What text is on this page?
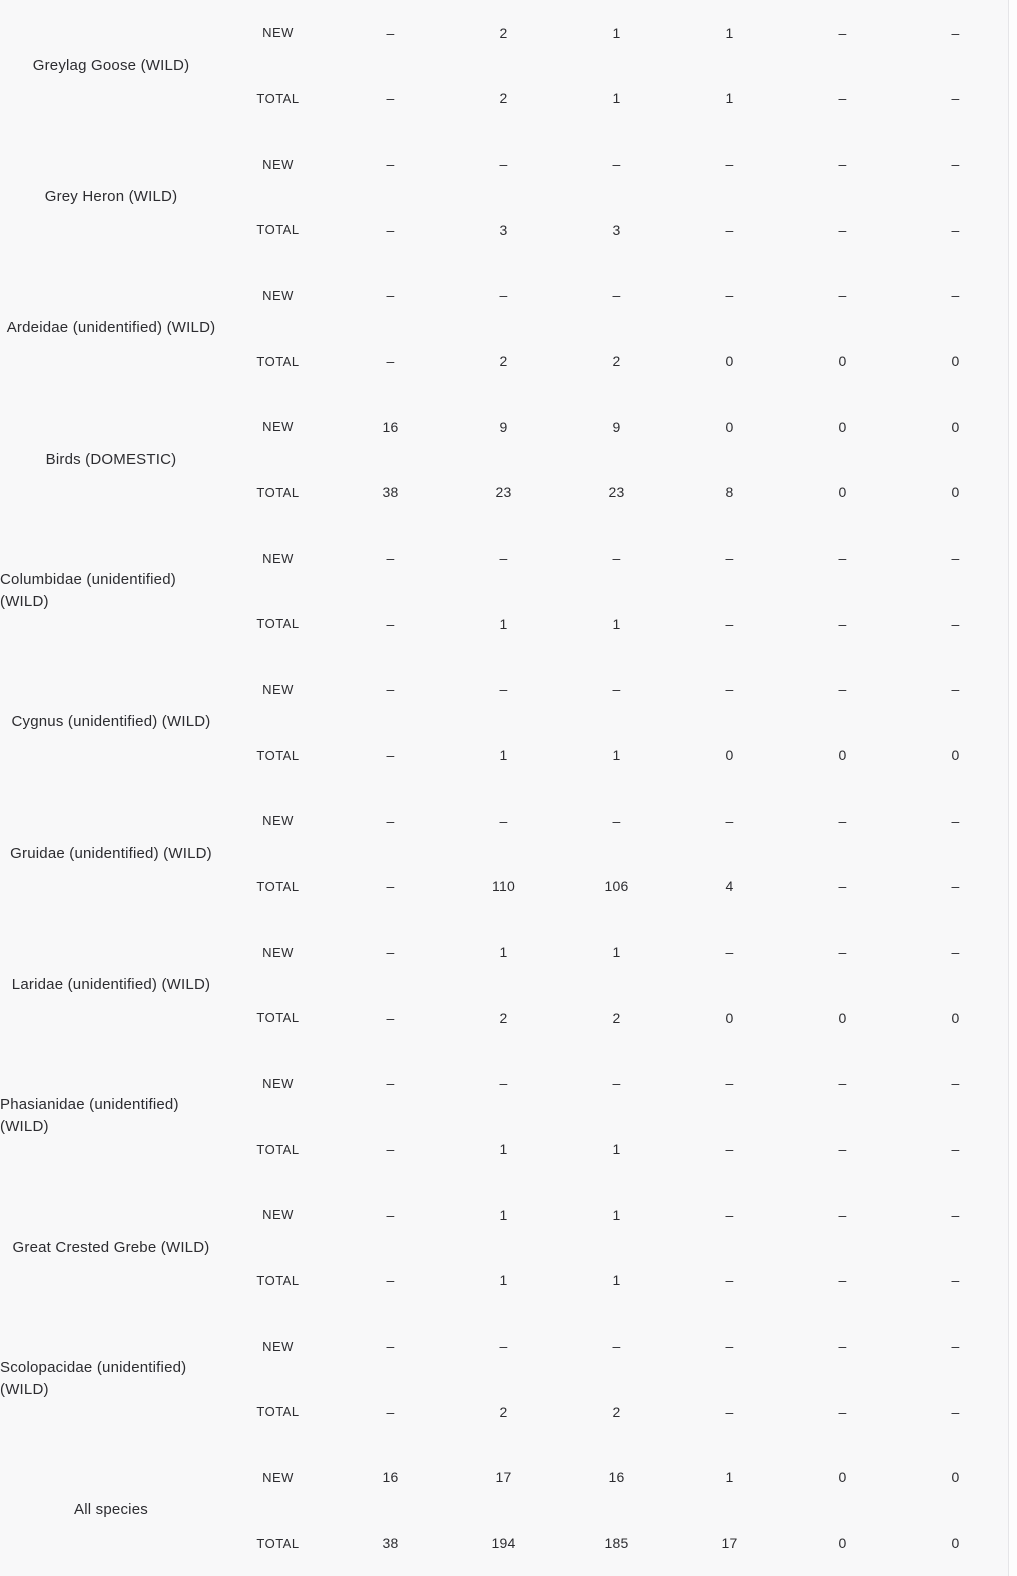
Greylag Goose (WILD)
NEW	–	2	1	1	–	–
TOTAL	–	2	1	1	–	–
Grey Heron (WILD)
NEW	–	–	–	–	–	–
TOTAL	–	3	3	–	–	–
Ardeidae (unidentified) (WILD)
NEW	–	–	–	–	–	–
TOTAL	–	2	2	0	0	0
Birds (DOMESTIC)
NEW	16	9	9	0	0	0
TOTAL	38	23	23	8	0	0
Columbidae (unidentified) (WILD)
NEW	–	–	–	–	–	–
TOTAL	–	1	1	–	–	–
Cygnus (unidentified) (WILD)
NEW	–	–	–	–	–	–
TOTAL	–	1	1	0	0	0
Gruidae (unidentified) (WILD)
NEW	–	–	–	–	–	–
TOTAL	–	110	106	4	–	–
Laridae (unidentified) (WILD)
NEW	–	1	1	–	–	–
TOTAL	–	2	2	0	0	0
Phasianidae (unidentified) (WILD)
NEW	–	–	–	–	–	–
TOTAL	–	1	1	–	–	–
Great Crested Grebe (WILD)
NEW	–	1	1	–	–	–
TOTAL	–	1	1	–	–	–
Scolopacidae (unidentified) (WILD)
NEW	–	–	–	–	–	–
TOTAL	–	2	2	–	–	–
All species
NEW	16	17	16	1	0	0
TOTAL	38	194	185	17	0	0
